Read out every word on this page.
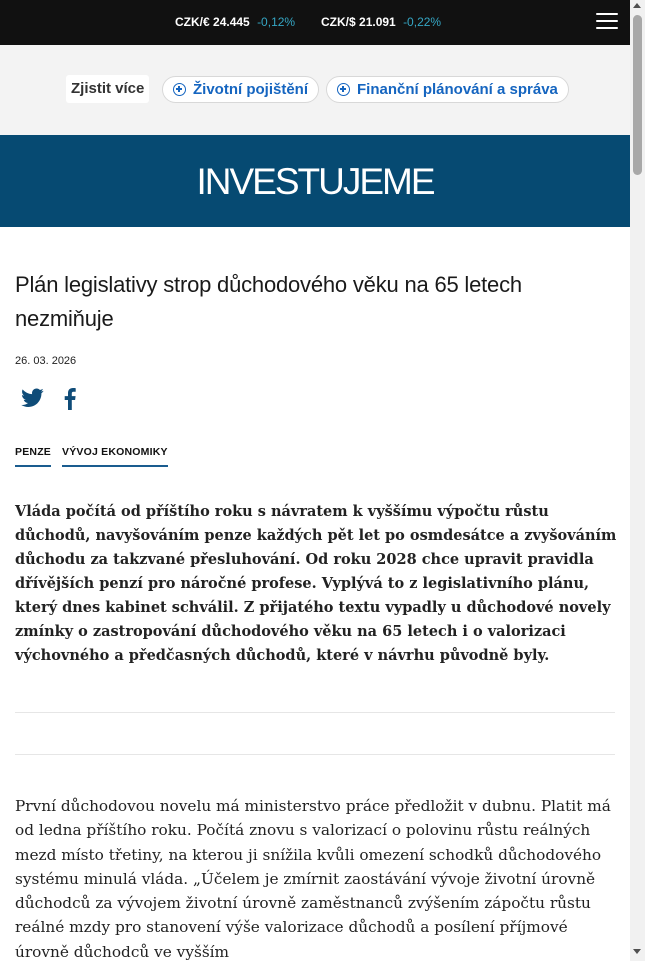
CZK/€ 24.445 -0,12% CZK/$ 21.091 -0,22%
Zjistit více	Životní pojištění	Finanční plánování a správa
INVESTUJEME
Plán legislativy strop důchodového věku na 65 letech nezmiňuje
26. 03. 2026
PENZE VÝVOJ EKONOMIKY

Vláda počítá od příštího roku s návratem k vyššímu výpočtu růstu důchodů, navyšováním penze každých pět let po osmdesátce a zvyšováním důchodu za takzvané přesluhování. Od roku 2028 chce upravit pravidla dřívějších penzí pro náročné profese. Vyplývá to z legislativního plánu, který dnes kabinet schválil. Z přijatého textu vypadly u důchodové novely zmínky o zastropování důchodového věku na 65 letech i o valorizaci výchovného a předčasných důchodů, které v návrhu původně byly.

První důchodovou novelu má ministerstvo práce předložit v dubnu. Platit má od ledna příštího roku. Počítá znovu s valorizací o polovinu růstu reálných mezd místo třetiny, na kterou ji snížila kvůli omezení schodků důchodového systému minulá vláda. „Účelem je zmírnit zaostávání vývoje životní úrovně důchodců za vývojem životní úrovně zaměstnanců zvýšením zápočtu růstu reálné mzdy pro stanovení výše valorizace důchodů a posílení příjmové úrovně důchodců ve vyšším
